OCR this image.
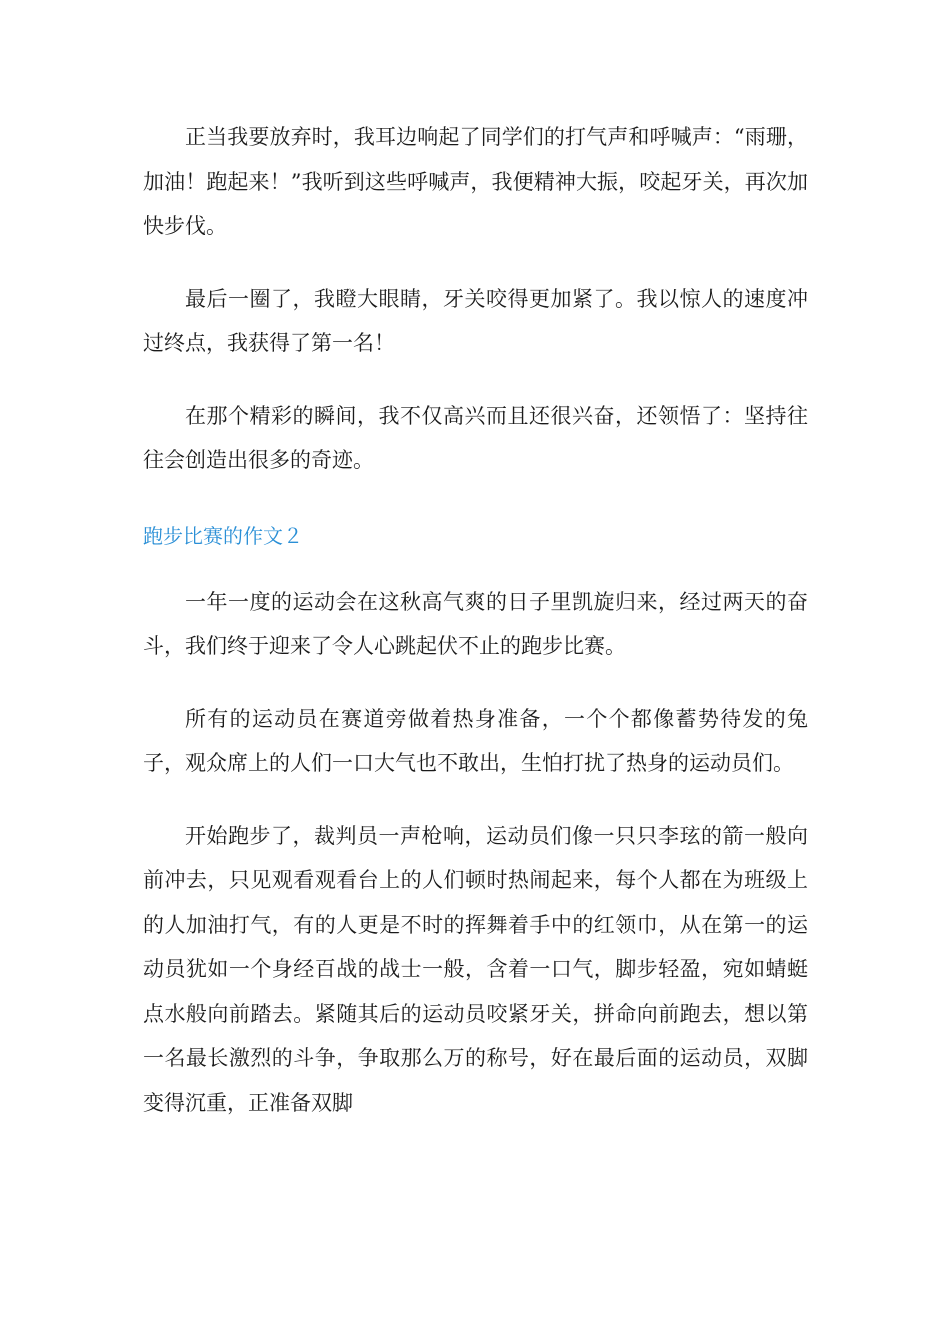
正当我要放弃时，我耳边响起了同学们的打气声和呼喊声：“雨珊，加油！跑起来！”我听到这些呼喊声，我便精神大振，咬起牙关，再次加快步伐。

最后一圈了，我瞪大眼睛，牙关咬得更加紧了。我以惊人的速度冲过终点，我获得了第一名！

在那个精彩的瞬间，我不仅高兴而且还很兴奋，还领悟了：坚持往往会创造出很多的奇迹。

跑步比赛的作文２

一年一度的运动会在这秋高气爽的日子里凯旋归来，经过两天的奋斗，我们终于迎来了令人心跳起伏不止的跑步比赛。

所有的运动员在赛道旁做着热身准备，一个个都像蓄势待发的兔子，观众席上的人们一口大气也不敢出，生怕打扰了热身的运动员们。

开始跑步了，裁判员一声枪响，运动员们像一只只李玹的箭一般向前冲去，只见观看观看台上的人们顿时热闹起来，每个人都在为班级上的人加油打气，有的人更是不时的挥舞着手中的红领巾，从在第一的运动员犹如一个身经百战的战士一般，含着一口气，脚步轻盈，宛如蜻蜓点水般向前踏去。紧随其后的运动员咬紧牙关，拼命向前跑去，想以第一名最长激烈的斗争，争取那么万的称号，好在最后面的运动员，双脚变得沉重，正准备双脚
